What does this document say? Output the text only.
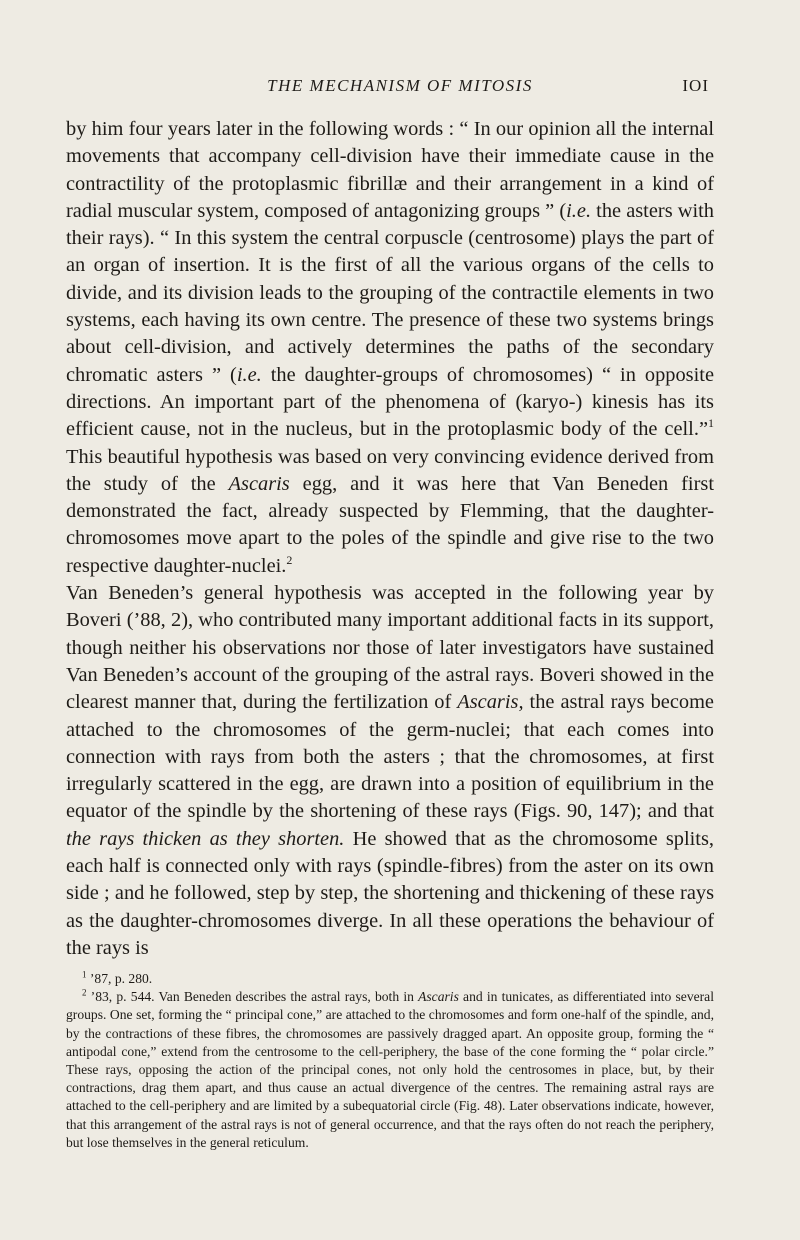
THE MECHANISM OF MITOSIS	IOI

by him four years later in the following words : “ In our opinion all the internal movements that accompany cell-division have their immediate cause in the contractility of the protoplasmic fibrillæ and their arrangement in a kind of radial muscular system, composed of antagonizing groups ” (i.e. the asters with their rays). “ In this system the central corpuscle (centrosome) plays the part of an organ of insertion. It is the first of all the various organs of the cells to divide, and its division leads to the grouping of the contractile elements in two systems, each having its own centre. The presence of these two systems brings about cell-division, and actively determines the paths of the secondary chromatic asters ” (i.e. the daughter-groups of chromosomes) “ in opposite directions. An important part of the phenomena of (karyo-) kinesis has its efficient cause, not in the nucleus, but in the protoplasmic body of the cell.”$^1$ This beautiful hypothesis was based on very convincing evidence derived from the study of the Ascaris egg, and it was here that Van Beneden first demonstrated the fact, already suspected by Flemming, that the daughter-chromosomes move apart to the poles of the spindle and give rise to the two respective daughter-nuclei.$^2$

Van Beneden’s general hypothesis was accepted in the following year by Boveri (’88, 2), who contributed many important additional facts in its support, though neither his observations nor those of later investigators have sustained Van Beneden’s account of the grouping of the astral rays. Boveri showed in the clearest manner that, during the fertilization of Ascaris, the astral rays become attached to the chromosomes of the germ-nuclei; that each comes into connection with rays from both the asters ; that the chromosomes, at first irregularly scattered in the egg, are drawn into a position of equilibrium in the equator of the spindle by the shortening of these rays (Figs. 90, 147); and that the rays thicken as they shorten. He showed that as the chromosome splits, each half is connected only with rays (spindle-fibres) from the aster on its own side ; and he followed, step by step, the shortening and thickening of these rays as the daughter-chromosomes diverge. In all these operations the behaviour of the rays is

$^1$ ’87, p. 280.

$^2$ ’83, p. 544. Van Beneden describes the astral rays, both in Ascaris and in tunicates, as differentiated into several groups. One set, forming the “ principal cone,” are attached to the chromosomes and form one-half of the spindle, and, by the contractions of these fibres, the chromosomes are passively dragged apart. An opposite group, forming the “ antipodal cone,” extend from the centrosome to the cell-periphery, the base of the cone forming the “ polar circle.” These rays, opposing the action of the principal cones, not only hold the centrosomes in place, but, by their contractions, drag them apart, and thus cause an actual divergence of the centres. The remaining astral rays are attached to the cell-periphery and are limited by a subequatorial circle (Fig. 48). Later observations indicate, however, that this arrangement of the astral rays is not of general occurrence, and that the rays often do not reach the periphery, but lose themselves in the general reticulum.
